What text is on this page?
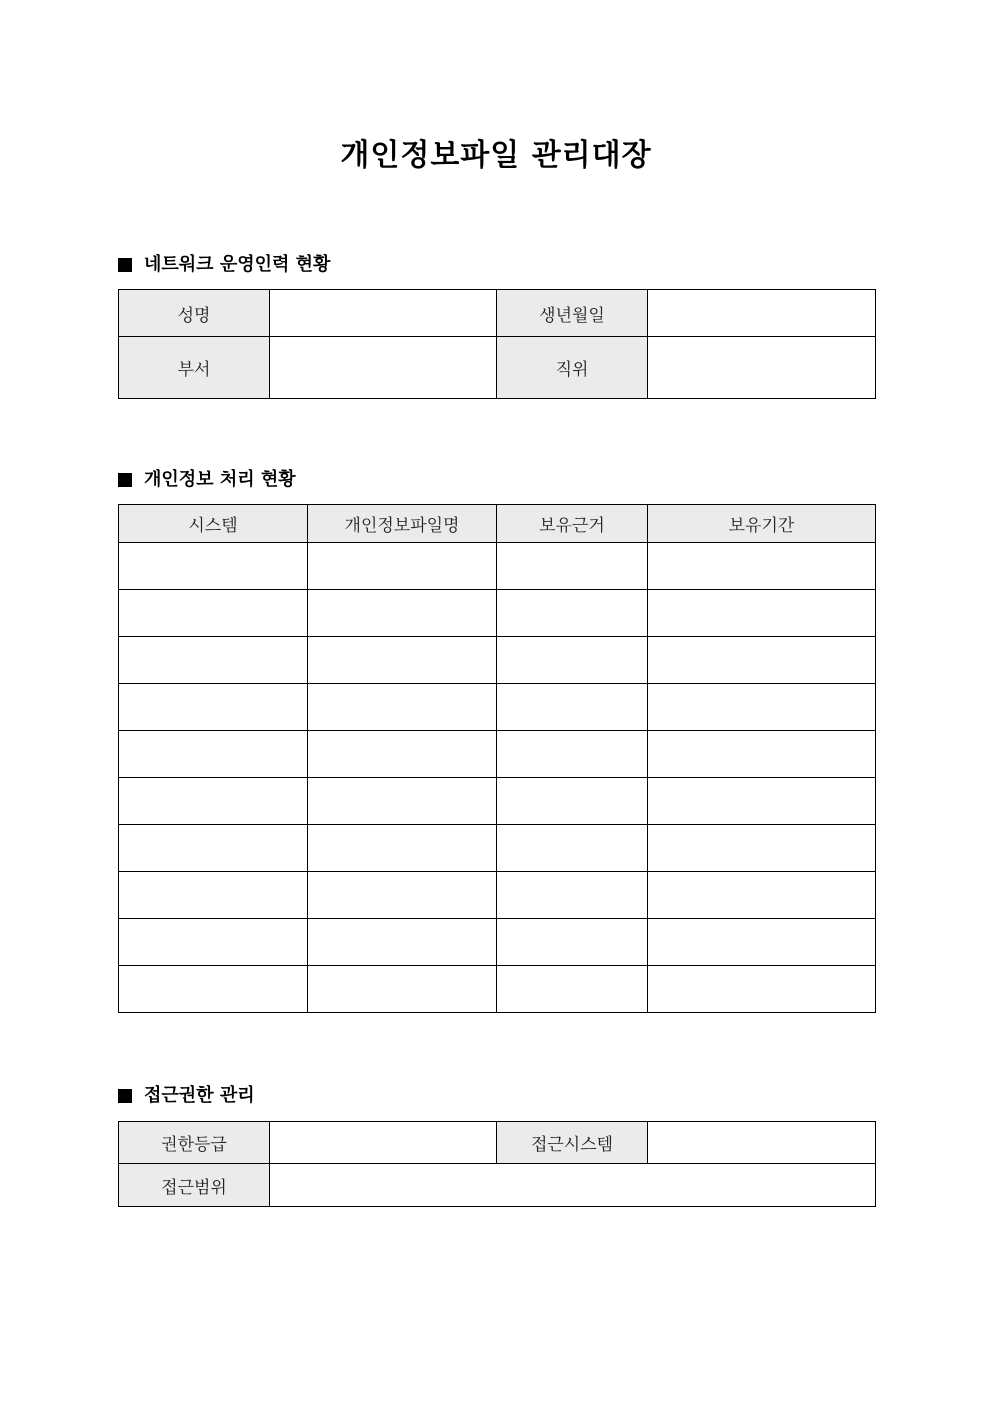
개인정보파일 관리대장
네트워크 운영인력 현황
성명		생년월일	
부서		직위	
개인정보 처리 현황
시스템	개인정보파일명	보유근거	보유기간

접근권한 관리
권한등급		접근시스템	
접근범위			
